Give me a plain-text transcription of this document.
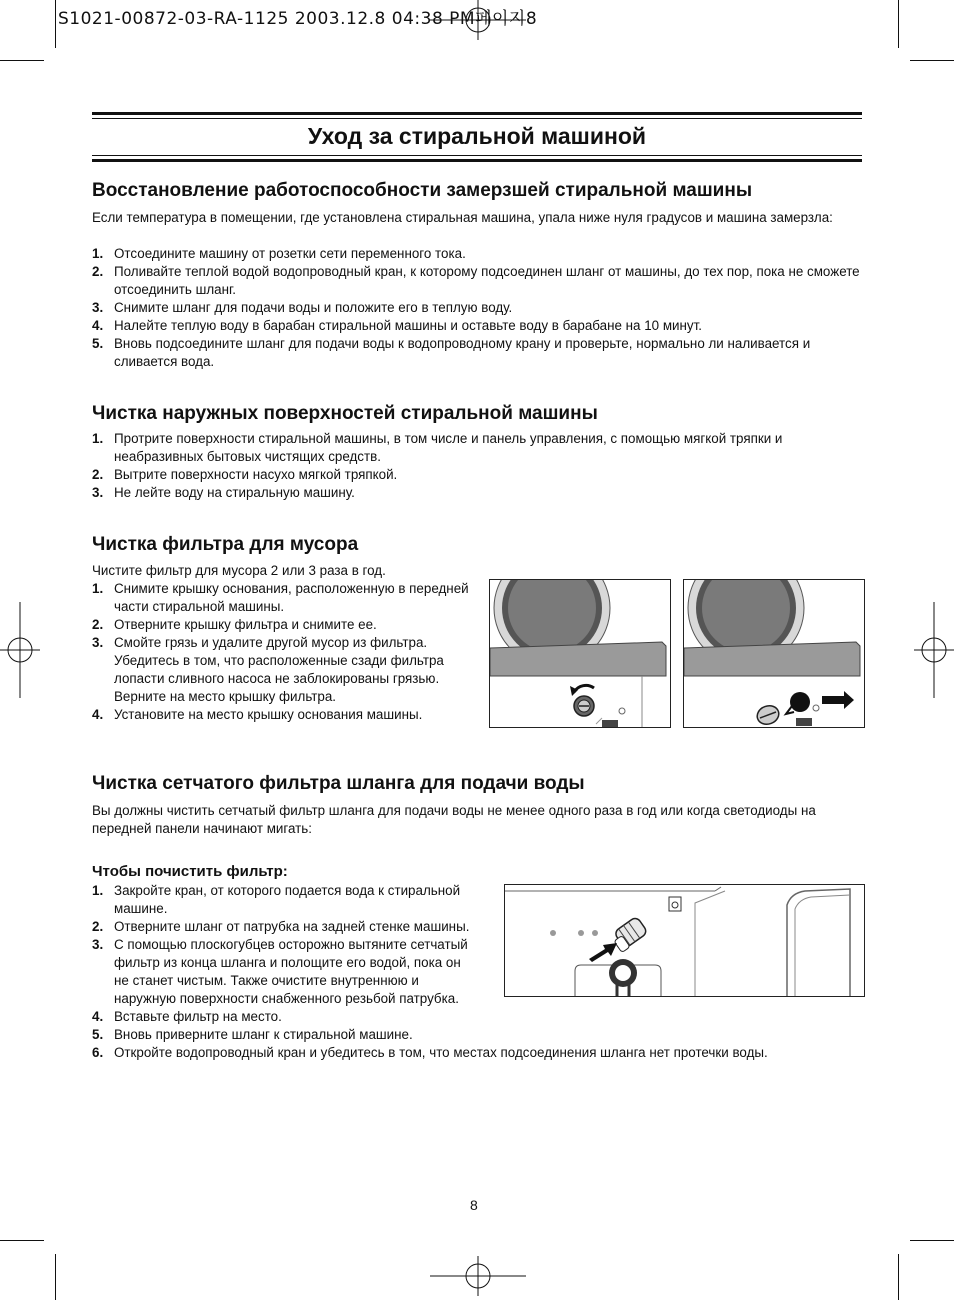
S1021-00872-03-RA-1125 2003.12.8 04:38 PM페이지8
Уход за стиральной машиной
Восстановление работоспособности замерзшей стиральной машины
Если температура в помещении, где установлена стиральная машина, упала ниже нуля градусов и машина замерзла:
1. Отсоедините машину от розетки сети переменного тока.
2. Поливайте теплой водой водопроводный кран, к которому подсоединен шланг от машины, до тех пор, пока не сможете отсоединить шланг.
3. Снимите шланг для подачи воды и положите его в теплую воду.
4. Налейте теплую воду в барабан стиральной машины и оставьте воду в барабане на 10 минут.
5. Вновь подсоедините шланг для подачи воды к водопроводному крану и проверьте, нормально ли наливается и сливается вода.
Чистка наружных поверхностей стиральной машины
1. Протрите поверхности стиральной машины, в том числе и панель управления, с помощью мягкой тряпки и неабразивных бытовых чистящих средств.
2. Вытрите поверхности насухо мягкой тряпкой.
3. Не лейте воду на стиральную машину.
Чистка фильтра для мусора
Чистите фильтр для мусора 2 или 3 раза в год.
1. Снимите крышку основания, расположенную в передней части стиральной машины.
2. Отверните крышку фильтра и снимите ее.
3. Смойте грязь и удалите другой мусор из фильтра. Убедитесь в том, что расположенные сзади фильтра лопасти сливного насоса не заблокированы грязью. Верните на место крышку фильтра.
4. Установите на место крышку основания машины.
Чистка сетчатого фильтра шланга для подачи воды
Вы должны чистить сетчатый фильтр шланга для подачи воды не менее одного раза в год или когда светодиоды на передней панели начинают мигать:
Чтобы почистить фильтр:
1. Закройте кран, от которого подается вода к стиральной машине.
2. Отверните шланг от патрубка на задней стенке машины.
3. С помощью плоскогубцев осторожно вытяните сетчатый фильтр из конца шланга и полощите его водой, пока он не станет чистым. Также очистите внутреннюю и наружную поверхности снабженного резьбой патрубка.
4. Вставьте фильтр на место.
5. Вновь приверните шланг к стиральной машине.
6. Откройте водопроводный кран и убедитесь в том, что местах подсоединения шланга нет протечки воды.
8
